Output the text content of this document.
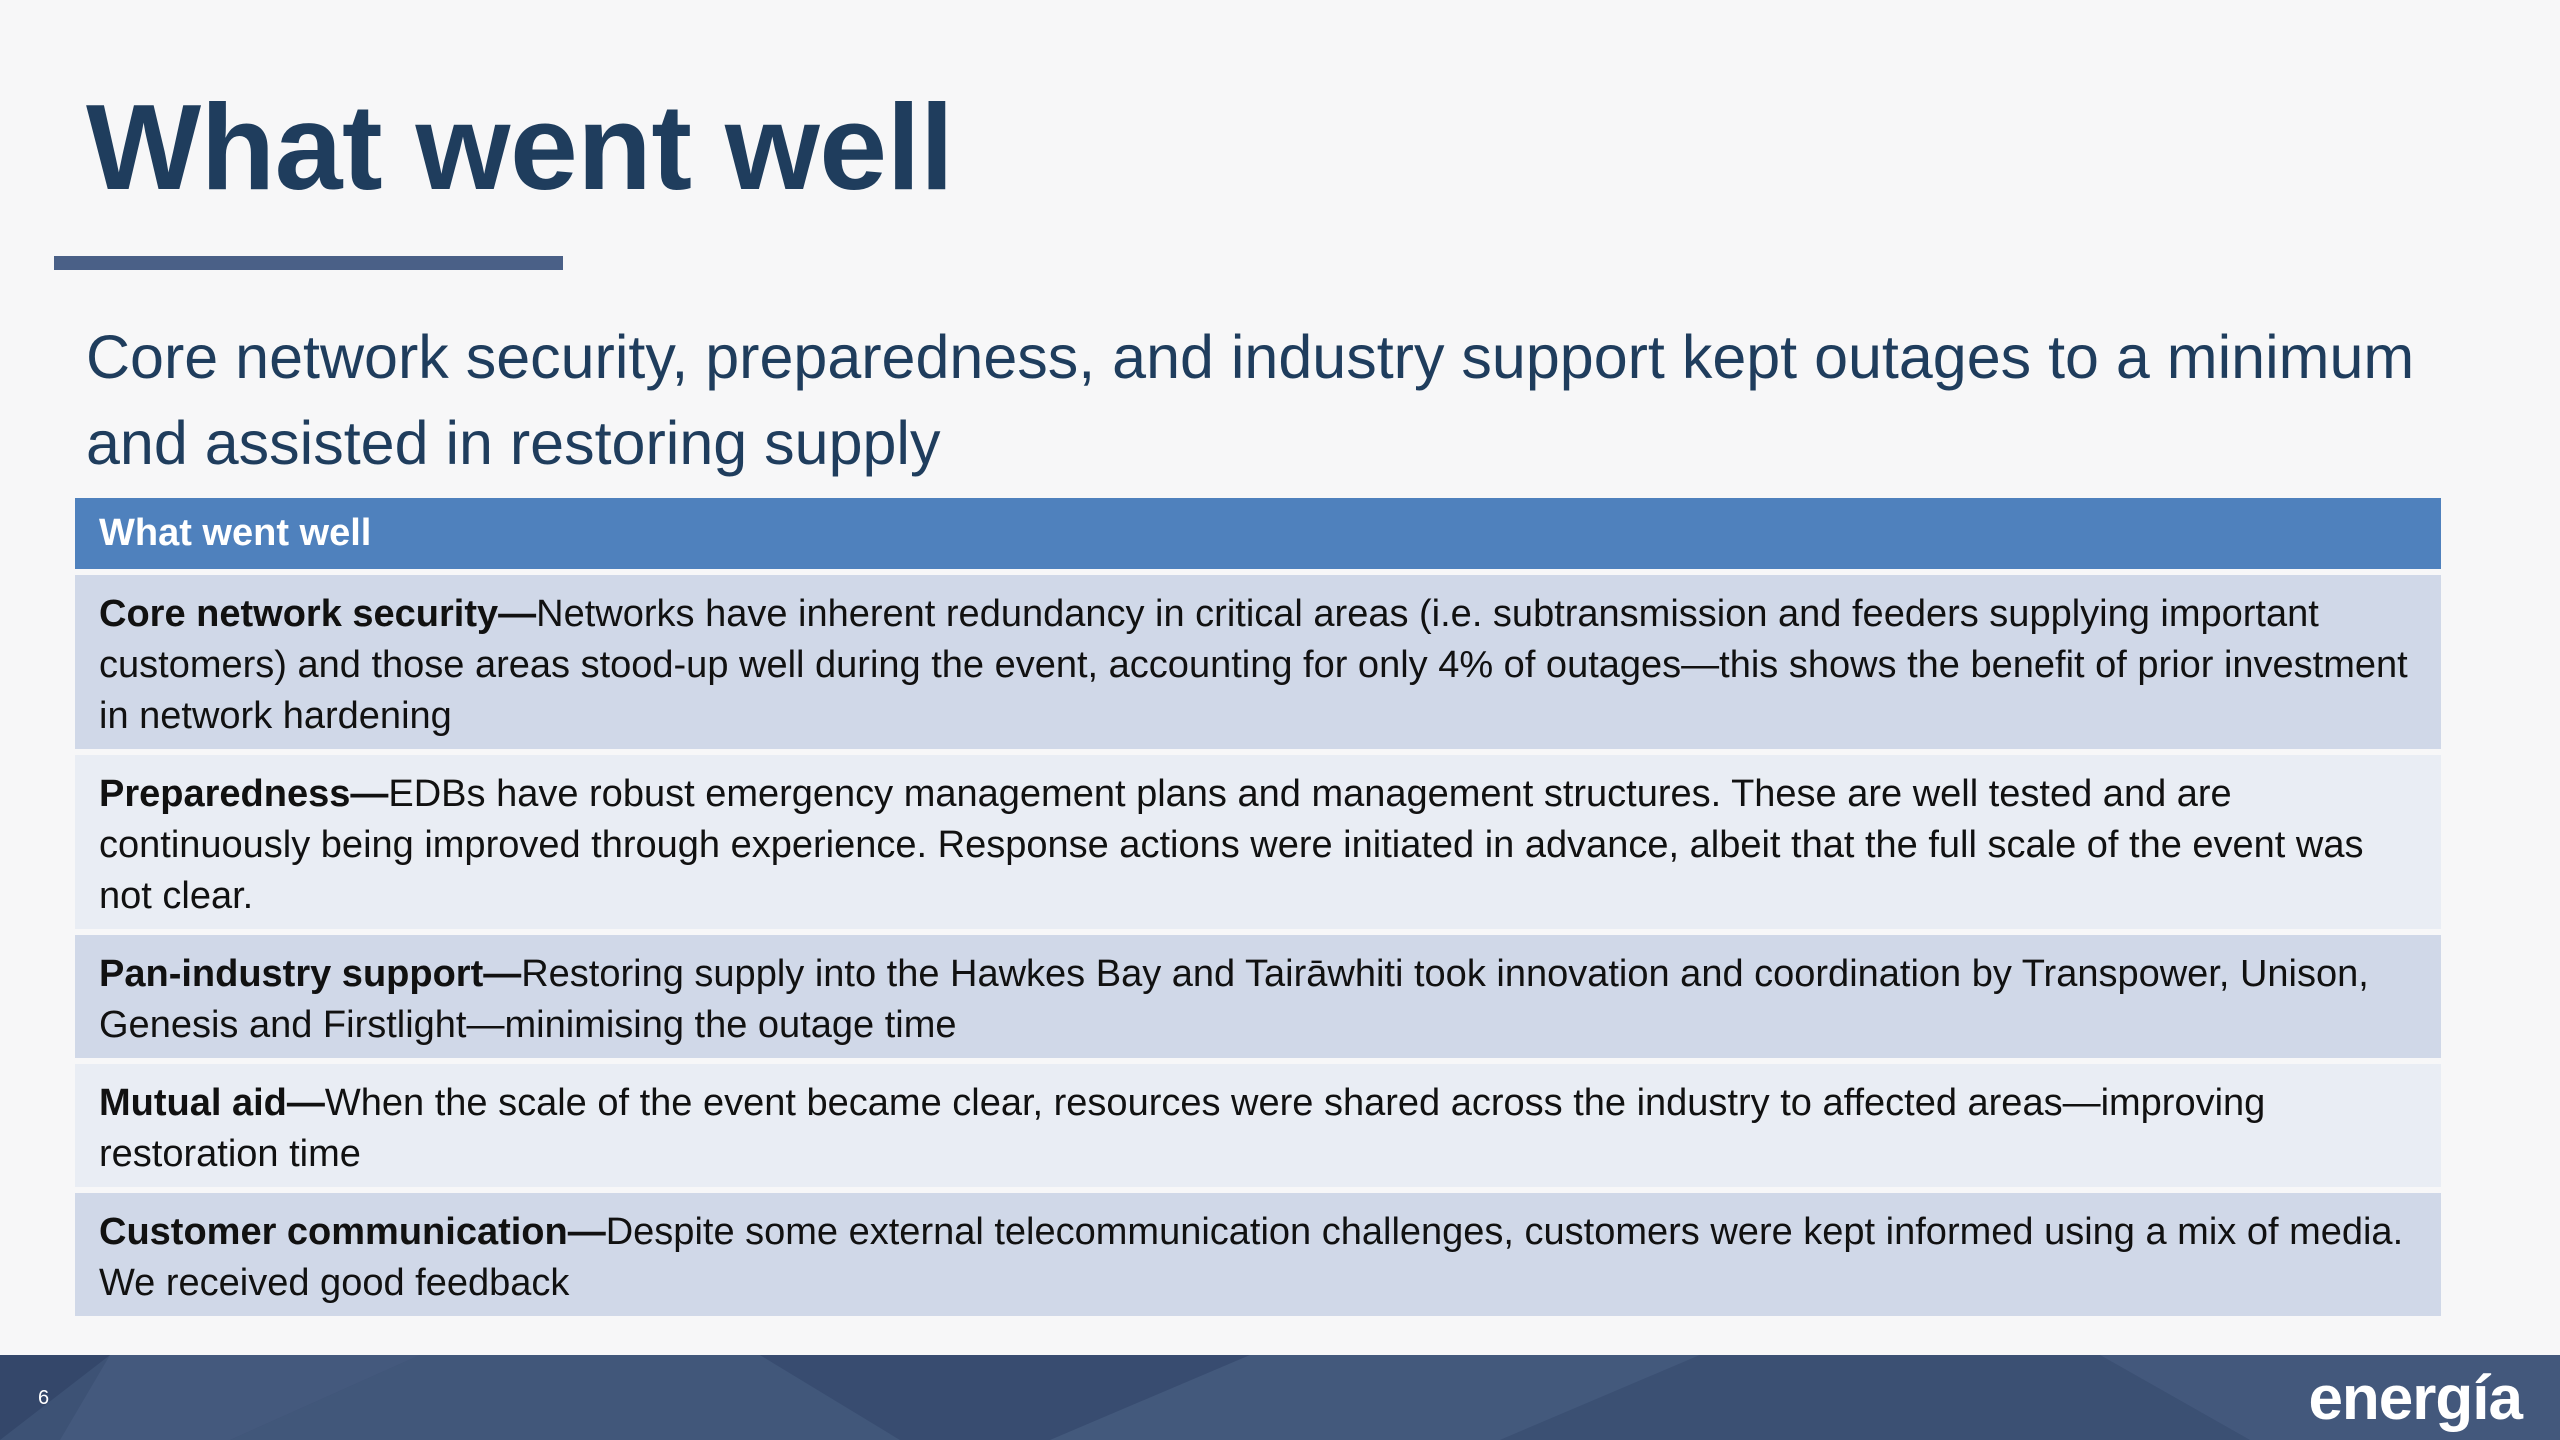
What went well

Core network security, preparedness, and industry support kept outages to a minimum and assisted in restoring supply

What went well
Core network security—Networks have inherent redundancy in critical areas (i.e. subtransmission and feeders supplying important customers) and those areas stood-up well during the event, accounting for only 4% of outages—this shows the benefit of prior investment in network hardening
Preparedness—EDBs have robust emergency management plans and management structures. These are well tested and are continuously being improved through experience. Response actions were initiated in advance, albeit that the full scale of the event was not clear.
Pan-industry support—Restoring supply into the Hawkes Bay and Tairāwhiti took innovation and coordination by Transpower, Unison, Genesis and Firstlight—minimising the outage time
Mutual aid—When the scale of the event became clear, resources were shared across the industry to affected areas—improving restoration time
Customer communication—Despite some external telecommunication challenges, customers were kept informed using a mix of media. We received good feedback
6	energía
